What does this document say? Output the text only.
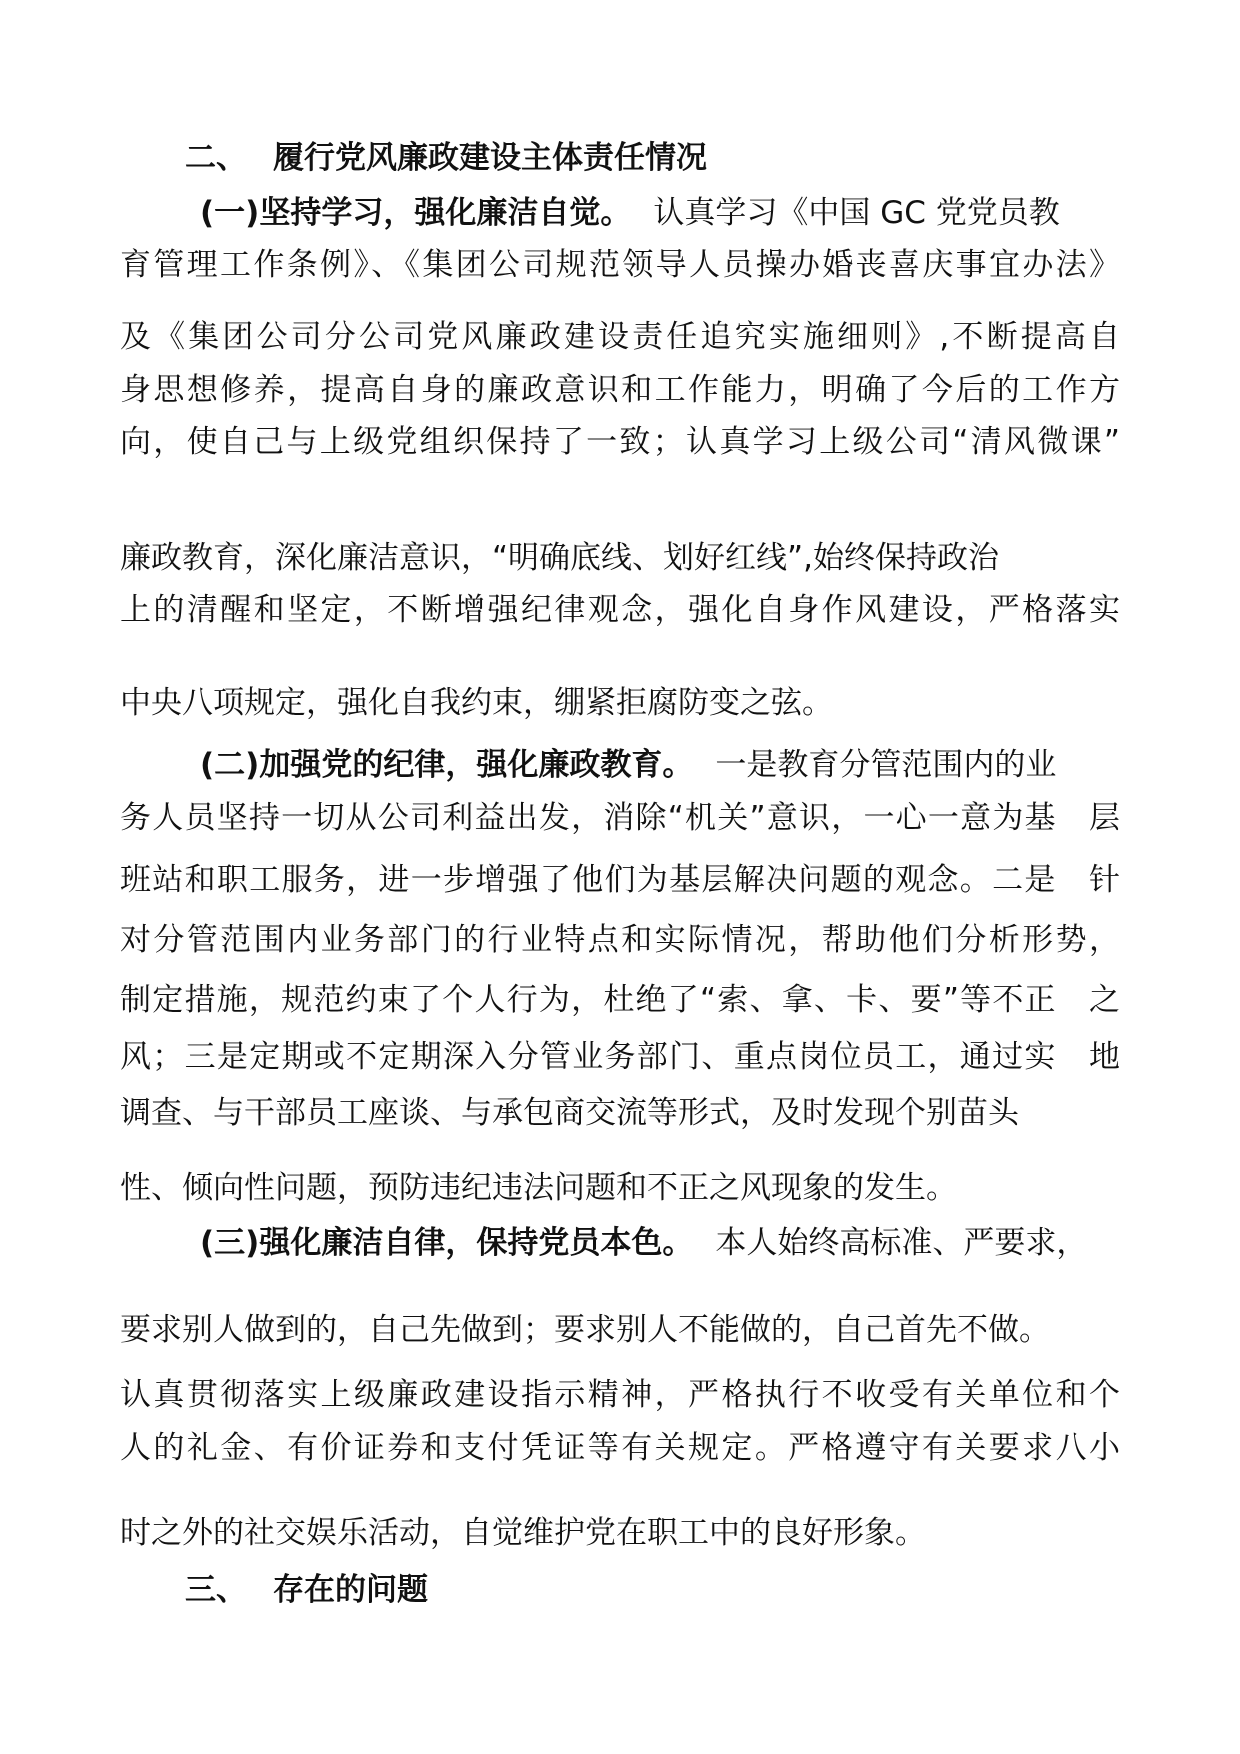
二、 履行党风廉政建设主体责任情况
(一)坚持学习，强化廉洁自觉。 认真学习《中国 GC 党党员教
育管理工作条例》、《集团公司规范领导人员操办婚丧喜庆事宜办法》
及《集团公司分公司党风廉政建设责任追究实施细则》,不断提高自
身思想修养，提高自身的廉政意识和工作能力，明确了今后的工作方
向，使自己与上级党组织保持了一致；认真学习上级公司“清风微课”
廉政教育，深化廉洁意识，“明确底线、划好红线”,始终保持政治
上的清醒和坚定，不断增强纪律观念，强化自身作风建设，严格落实
中央八项规定，强化自我约束，绷紧拒腐防变之弦。
(二)加强党的纪律，强化廉政教育。 一是教育分管范围内的业
务人员坚持一切从公司利益出发，消除“机关”意识，一心一意为基　层
班站和职工服务，进一步增强了他们为基层解决问题的观念。二是　针
对分管范围内业务部门的行业特点和实际情况，帮助他们分析形势，
制定措施，规范约束了个人行为，杜绝了“索、拿、卡、要”等不正　之
风；三是定期或不定期深入分管业务部门、重点岗位员工，通过实　地
调查、与干部员工座谈、与承包商交流等形式，及时发现个别苗头
性、倾向性问题，预防违纪违法问题和不正之风现象的发生。
(三)强化廉洁自律，保持党员本色。 本人始终高标准、严要求，
要求别人做到的，自己先做到；要求别人不能做的，自己首先不做。
认真贯彻落实上级廉政建设指示精神，严格执行不收受有关单位和个
人的礼金、有价证券和支付凭证等有关规定。严格遵守有关要求八小
时之外的社交娱乐活动，自觉维护党在职工中的良好形象。
三、 存在的问题
